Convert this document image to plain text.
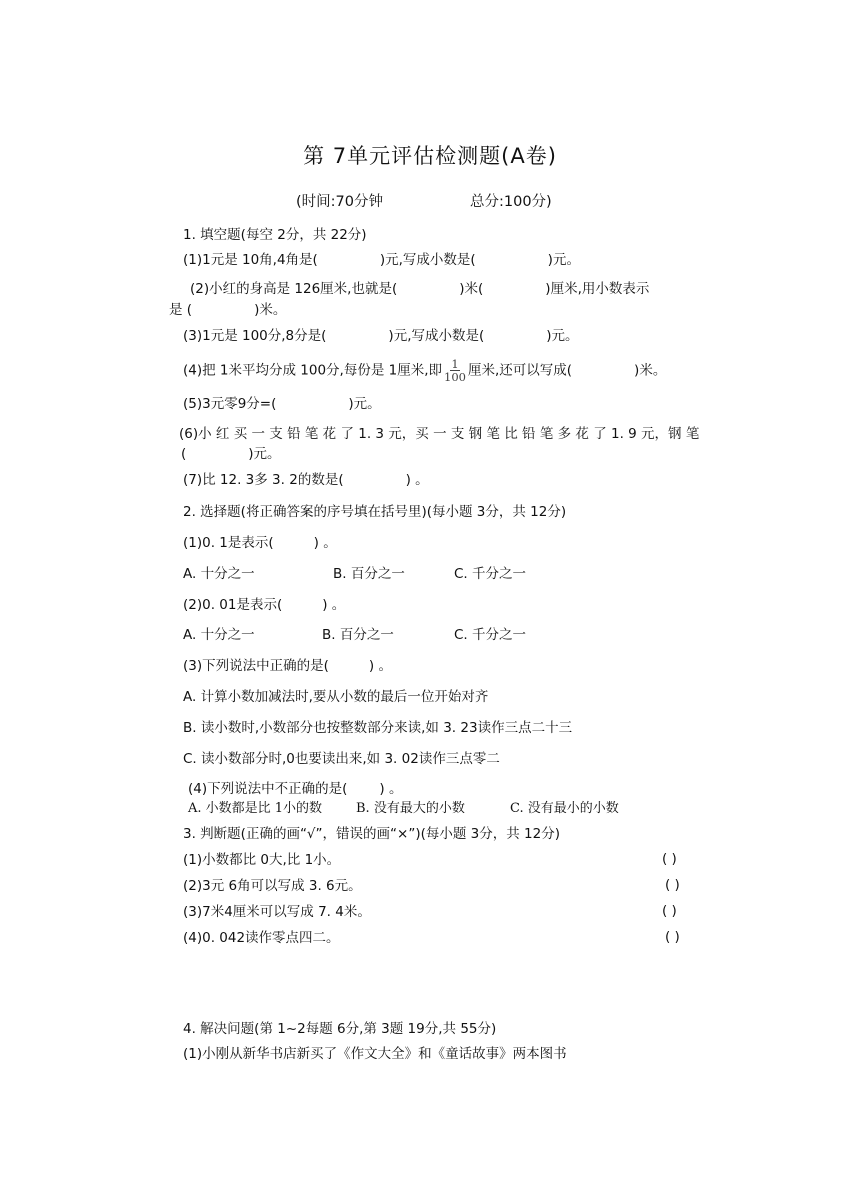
第 7单元评估检测题(A卷)
(时间:70分钟	总分:100分)
1. 填空题(每空 2分，共 22分)
(1)1元是 10角,4角是(	)元,写成小数是(	)元。
(2)小红的身高是 126厘米,也就是(	)米(	)厘米,用小数表示
是 (	)米。
(3)1元是 100分,8分是(	)元,写成小数是(	)元。
(4)把 1米平均分成 100分,每份是 1厘米,即 $\frac{1}{100}$ 厘米,还可以写成(	)米。
(5)3元零9分=(	)元。
(6)小 红 买 一 支 铅 笔 花 了 1. 3 元，买 一 支 钢 笔 比 铅 笔 多 花 了 1. 9 元，钢 笔
(	)元。
(7)比 12. 3多 3. 2的数是(	) 。
2. 选择题(将正确答案的序号填在括号里)(每小题 3分，共 12分)
(1)0. 1是表示(	) 。
A. 十分之一	B. 百分之一	C. 千分之一
(2)0. 01是表示(	) 。
A. 十分之一	B. 百分之一	C. 千分之一
(3)下列说法中正确的是(	) 。
A. 计算小数加减法时,要从小数的最后一位开始对齐
B. 读小数时,小数部分也按整数部分来读,如 3. 23读作三点二十三
C. 读小数部分时,0也要读出来,如 3. 02读作三点零二
(4)下列说法中不正确的是( ) 。
A. 小数都是比 1小的数	B. 没有最大的小数	C. 没有最小的小数
3. 判断题(正确的画“√”，错误的画“×”)(每小题 3分，共 12分)
(1)小数都比 0大,比 1小。	( )
(2)3元 6角可以写成 3. 6元。	( )
(3)7米4厘米可以写成 7. 4米。	( )
(4)0. 042读作零点四二。	( )
4. 解决问题(第 1~2每题 6分,第 3题 19分,共 55分)
(1)小刚从新华书店新买了《作文大全》和《童话故事》两本图书
